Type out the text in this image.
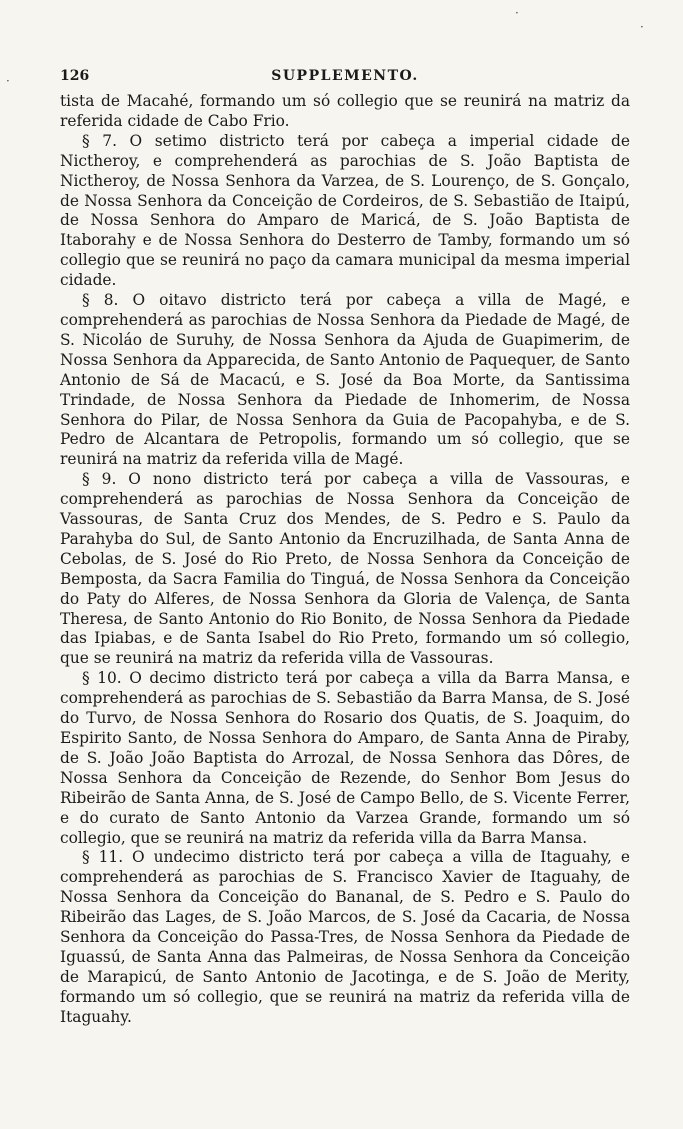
·
·
·	126	SUPPLEMENTO.

tista de Macahé, formando um só collegio que se reunirá na matriz da referida cidade de Cabo Frio.

§ 7. O setimo districto terá por cabeça a imperial cidade de Nictheroy, e comprehenderá as parochias de S. João Baptista de Nictheroy, de Nossa Senhora da Varzea, de S. Lourenço, de S. Gonçalo, de Nossa Senhora da Conceição de Cordeiros, de S. Sebastião de Itaipú, de Nossa Senhora do Amparo de Maricá, de S. João Baptista de Itaborahy e de Nossa Senhora do Desterro de Tamby, formando um só collegio que se reunirá no paço da camara municipal da mesma imperial cidade.

§ 8. O oitavo districto terá por cabeça a villa de Magé, e comprehenderá as parochias de Nossa Senhora da Piedade de Magé, de S. Nicoláo de Suruhy, de Nossa Senhora da Ajuda de Guapimerim, de Nossa Senhora da Apparecida, de Santo Antonio de Paquequer, de Santo Antonio de Sá de Macacú, e S. José da Boa Morte, da Santissima Trindade, de Nossa Senhora da Piedade de Inhomerim, de Nossa Senhora do Pilar, de Nossa Senhora da Guia de Pacopahyba, e de S. Pedro de Alcantara de Petropolis, formando um só collegio, que se reunirá na matriz da referida villa de Magé.

§ 9. O nono districto terá por cabeça a villa de Vassouras, e comprehenderá as parochias de Nossa Senhora da Conceição de Vassouras, de Santa Cruz dos Mendes, de S. Pedro e S. Paulo da Parahyba do Sul, de Santo Antonio da Encruzilhada, de Santa Anna de Cebolas, de S. José do Rio Preto, de Nossa Senhora da Conceição de Bemposta, da Sacra Familia do Tinguá, de Nossa Senhora da Conceição do Paty do Alferes, de Nossa Senhora da Gloria de Valença, de Santa Theresa, de Santo Antonio do Rio Bonito, de Nossa Senhora da Piedade das Ipiabas, e de Santa Isabel do Rio Preto, formando um só collegio, que se reunirá na matriz da referida villa de Vassouras.

§ 10. O decimo districto terá por cabeça a villa da Barra Mansa, e comprehenderá as parochias de S. Sebastião da Barra Mansa, de S. José do Turvo, de Nossa Senhora do Rosario dos Quatis, de S. Joaquim, do Espirito Santo, de Nossa Senhora do Amparo, de Santa Anna de Piraby, de S. João João Baptista do Arrozal, de Nossa Senhora das Dôres, de Nossa Senhora da Conceição de Rezende, do Senhor Bom Jesus do Ribeirão de Santa Anna, de S. José de Campo Bello, de S. Vicente Ferrer, e do curato de Santo Antonio da Varzea Grande, formando um só collegio, que se reunirá na matriz da referida villa da Barra Mansa.

§ 11. O undecimo districto terá por cabeça a villa de Itaguahy, e comprehenderá as parochias de S. Francisco Xavier de Itaguahy, de Nossa Senhora da Conceição do Bananal, de S. Pedro e S. Paulo do Ribeirão das Lages, de S. João Marcos, de S. José da Cacaria, de Nossa Senhora da Conceição do Passa-Tres, de Nossa Senhora da Piedade de Iguassú, de Santa Anna das Palmeiras, de Nossa Senhora da Conceição de Marapicú, de Santo Antonio de Jacotinga, e de S. João de Merity, formando um só collegio, que se reunirá na matriz da referida villa de Itaguahy.
